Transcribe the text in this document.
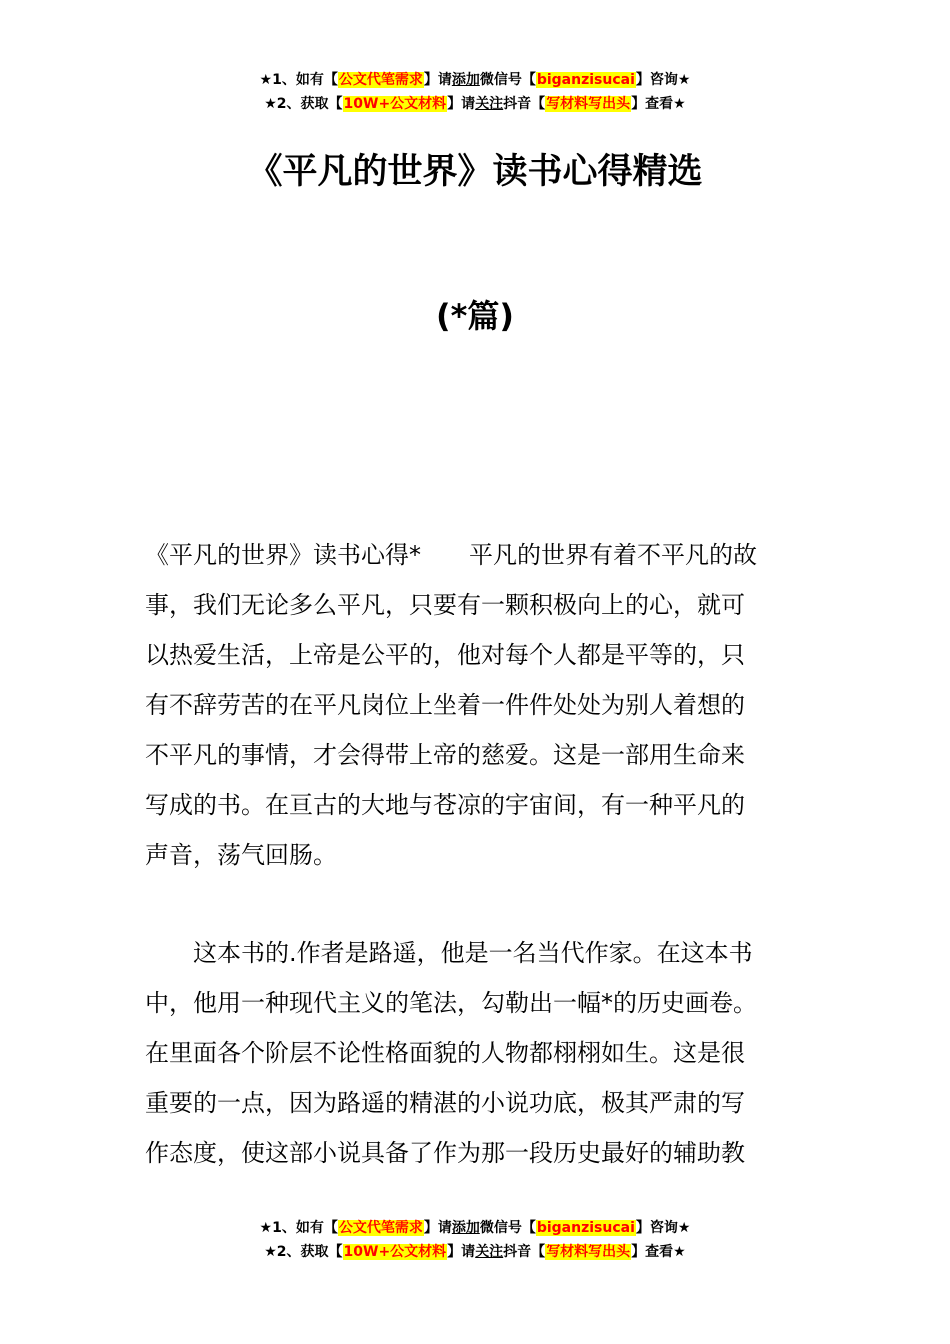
★1、如有【公文代笔需求】请添加微信号【biganzisucai】咨询★
★2、获取【10W+公文材料】请关注抖音【写材料写出头】查看★
《平凡的世界》读书心得精选
(*篇)

《平凡的世界》读书心得*　　平凡的世界有着不平凡的故
事，我们无论多么平凡，只要有一颗积极向上的心，就可
以热爱生活，上帝是公平的，他对每个人都是平等的，只
有不辞劳苦的在平凡岗位上坐着一件件处处为别人着想的
不平凡的事情，才会得带上帝的慈爱。这是一部用生命来
写成的书。在亘古的大地与苍凉的宇宙间，有一种平凡的
声音，荡气回肠。

　　这本书的.作者是路遥，他是一名当代作家。在这本书
中，他用一种现代主义的笔法，勾勒出一幅*的历史画卷。
在里面各个阶层不论性格面貌的人物都栩栩如生。这是很
重要的一点，因为路遥的精湛的小说功底，极其严肃的写
作态度，使这部小说具备了作为那一段历史最好的辅助教

★1、如有【公文代笔需求】请添加微信号【biganzisucai】咨询★
★2、获取【10W+公文材料】请关注抖音【写材料写出头】查看★
